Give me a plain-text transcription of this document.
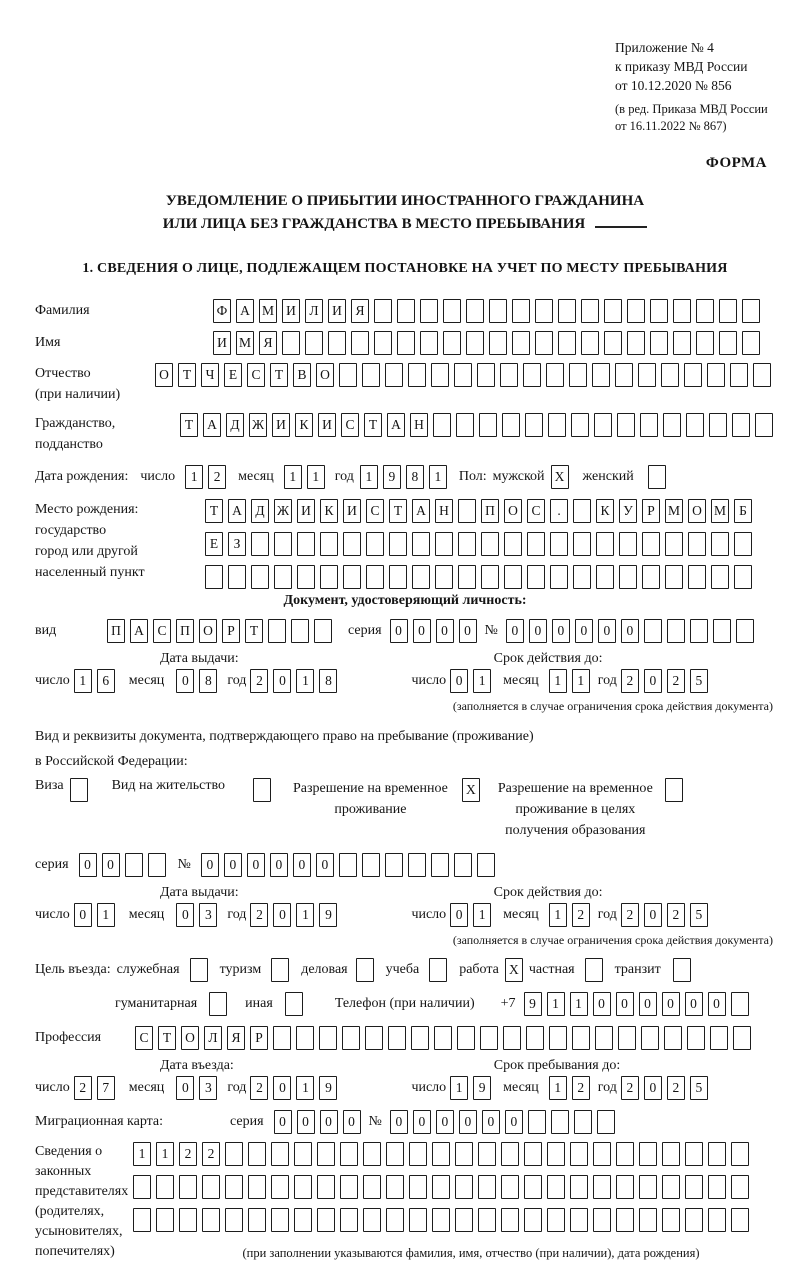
Приложение № 4
к приказу МВД России
от 10.12.2020 № 856
(в ред. Приказа МВД России
от 16.11.2022 № 867)
ФОРМА
УВЕДОМЛЕНИЕ О ПРИБЫТИИ ИНОСТРАННОГО ГРАЖДАНИНА
ИЛИ ЛИЦА БЕЗ ГРАЖДАНСТВА В МЕСТО ПРЕБЫВАНИЯ
1. СВЕДЕНИЯ О ЛИЦЕ, ПОДЛЕЖАЩЕМ ПОСТАНОВКЕ НА УЧЕТ ПО МЕСТУ ПРЕБЫВАНИЯ
Фамилия	Ф А М И	Л	И	Я
Имя	И М Я
Отчество
(при наличии)
О	Т	Ч	Е	С	Т	В	О
Гражданство,
подданство
Т	А	Д Ж И	К	И	С	Т	А Н
Дата рождения: число	1	2	месяц	1	1	год 1	9	8	1	Пол: мужской X женский
Место рождения:
государство
город или другой
населенный пункт
Т	А	Д Ж И	К	И	С	Т	А Н	П О	С	.	К	У	Р М О М Б
Е	З
Документ, удостоверяющий личность:
вид	П А	С	П О	Р	Т	серия	0	0	0	0 №	0	0	0	0	0	0
Дата выдачи:	Срок действия до:
число 1	6	месяц	0	8	год 2	0	1	8	число 0	1	месяц	1	1 год 2	0	2	5
(заполняется в случае ограничения срока действия документа)
Вид и реквизиты документа, подтверждающего право на пребывание (проживание)
в Российской Федерации:
Виза	Вид на жительство	Разрешение на временное
проживание
X Разрешение на временное
проживание в целях
получения образования
серия	0	0	№	0	0	0	0	0	0
Дата выдачи:	Срок действия до:
число 0	1	месяц	0	3	год 2	0	1	9	число 0	1	месяц	1	2 год 2	0	2	5
(заполняется в случае ограничения срока действия документа)
Цель въезда: служебная	туризм	деловая	учеба	работа X частная	транзит
гуманитарная	иная	Телефон (при наличии) +7	9	1	1	0	0	0	0	0	0
Профессия	С	Т	О	Л	Я	Р
Дата въезда:	Срок пребывания до:
число 2	7	месяц	0	3	год 2	0	1	9	число 1	9	месяц	1	2 год 2	0	2	5
Миграционная карта:	серия	0	0	0	0 №	0	0	0	0	0	0
Сведения о
законных
представителях
(родителях,
усыновителях,
попечителях)
1	1	2	2
(при заполнении указываются фамилия, имя, отчество (при наличии), дата рождения)
